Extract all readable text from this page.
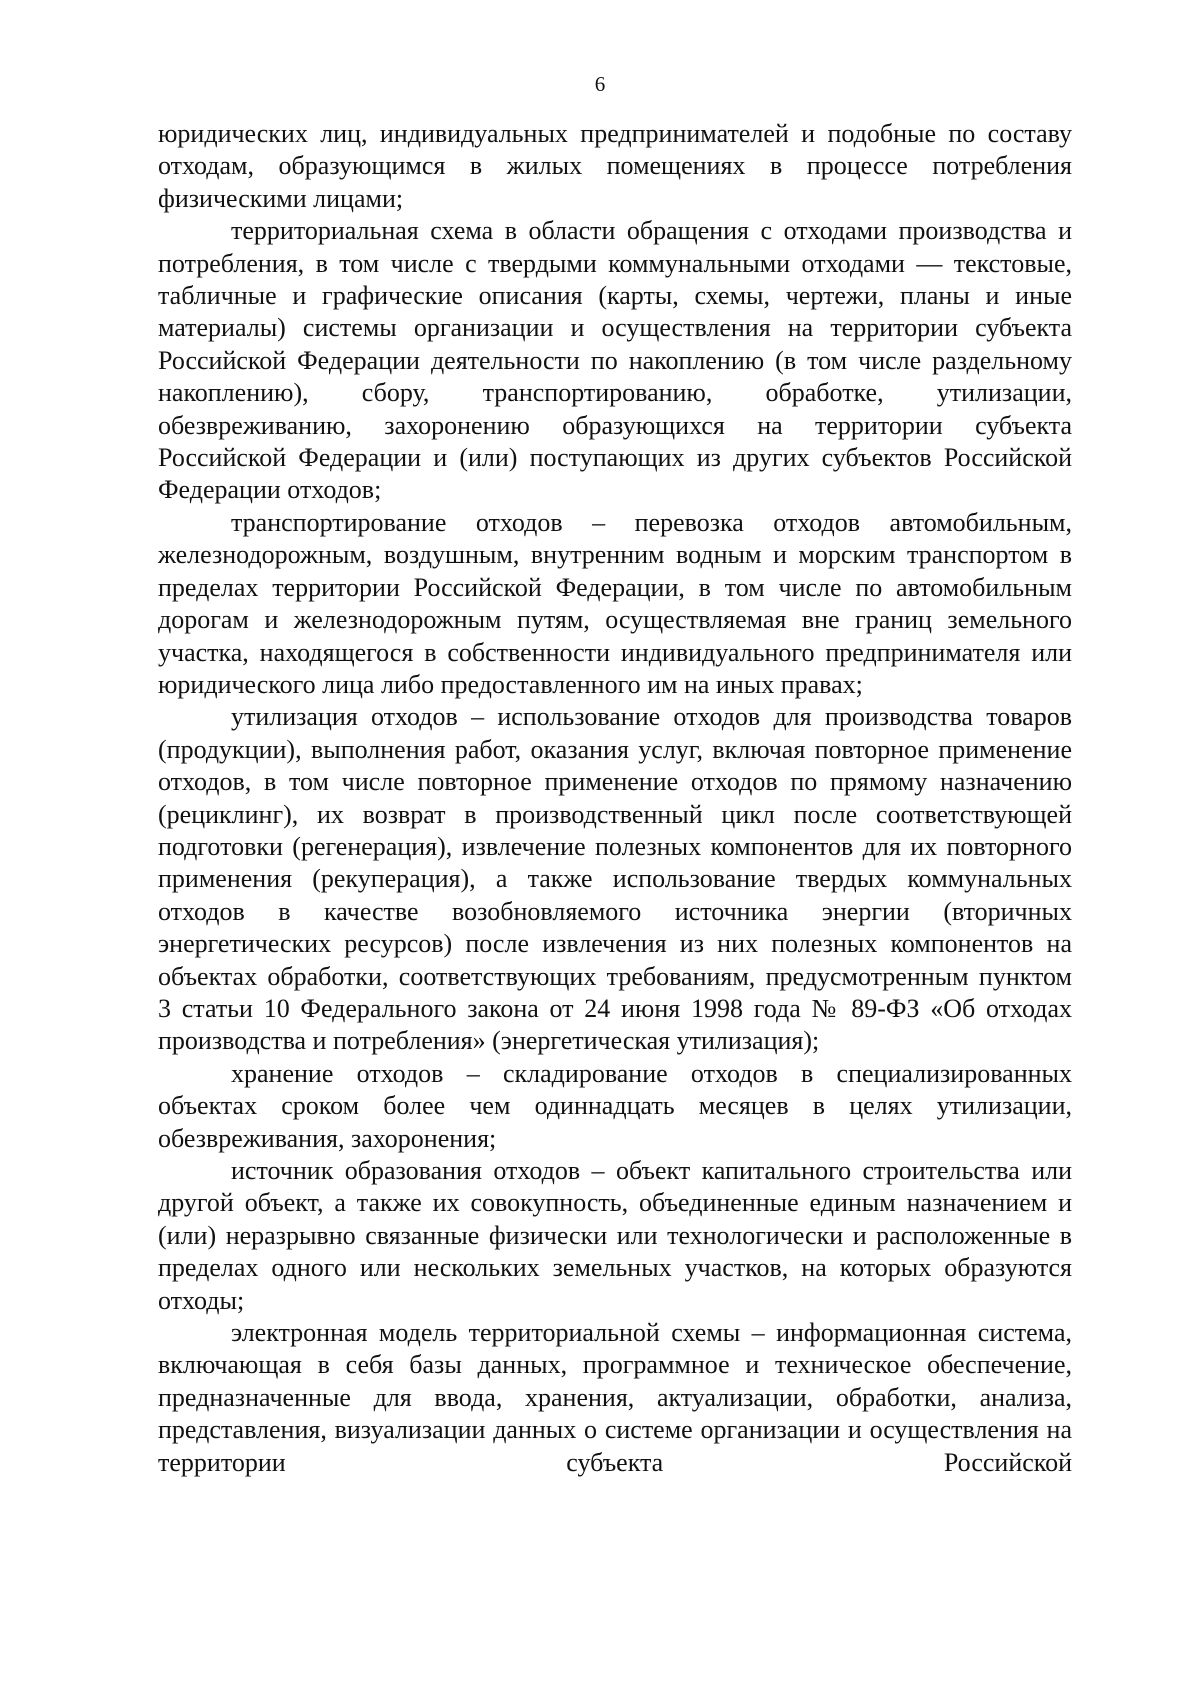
6

юридических лиц, индивидуальных предпринимателей и подобные по составу отходам, образующимся в жилых помещениях в процессе потребления физическими лицами;

территориальная схема в области обращения с отходами производства и потребления, в том числе с твердыми коммунальными отходами — текстовые, табличные и графические описания (карты, схемы, чертежи, планы и иные материалы) системы организации и осуществления на территории субъекта Российской Федерации деятельности по накоплению (в том числе раздельному накоплению), сбору, транспортированию, обработке, утилизации, обезвреживанию, захоронению образующихся на территории субъекта Российской Федерации и (или) поступающих из других субъектов Российской Федерации отходов;

транспортирование отходов – перевозка отходов автомобильным, железнодорожным, воздушным, внутренним водным и морским транспортом в пределах территории Российской Федерации, в том числе по автомобильным дорогам и железнодорожным путям, осуществляемая вне границ земельного участка, находящегося в собственности индивидуального предпринимателя или юридического лица либо предоставленного им на иных правах;

утилизация отходов – использование отходов для производства товаров (продукции), выполнения работ, оказания услуг, включая повторное применение отходов, в том числе повторное применение отходов по прямому назначению (рециклинг), их возврат в производственный цикл после соответствующей подготовки (регенерация), извлечение полезных компонентов для их повторного применения (рекуперация), а также использование твердых коммунальных отходов в качестве возобновляемого источника энергии (вторичных энергетических ресурсов) после извлечения из них полезных компонентов на объектах обработки, соответствующих требованиям, предусмотренным пунктом 3 статьи 10 Федерального закона от 24 июня 1998 года № 89-ФЗ «Об отходах производства и потребления» (энергетическая утилизация);

хранение отходов – складирование отходов в специализированных объектах сроком более чем одиннадцать месяцев в целях утилизации, обезвреживания, захоронения;

источник образования отходов – объект капитального строительства или другой объект, а также их совокупность, объединенные единым назначением и (или) неразрывно связанные физически или технологически и расположенные в пределах одного или нескольких земельных участков, на которых образуются отходы;

электронная модель территориальной схемы – информационная система, включающая в себя базы данных, программное и техническое обеспечение, предназначенные для ввода, хранения, актуализации, обработки, анализа, представления, визуализации данных о системе организации и осуществления на территории субъекта Российской
